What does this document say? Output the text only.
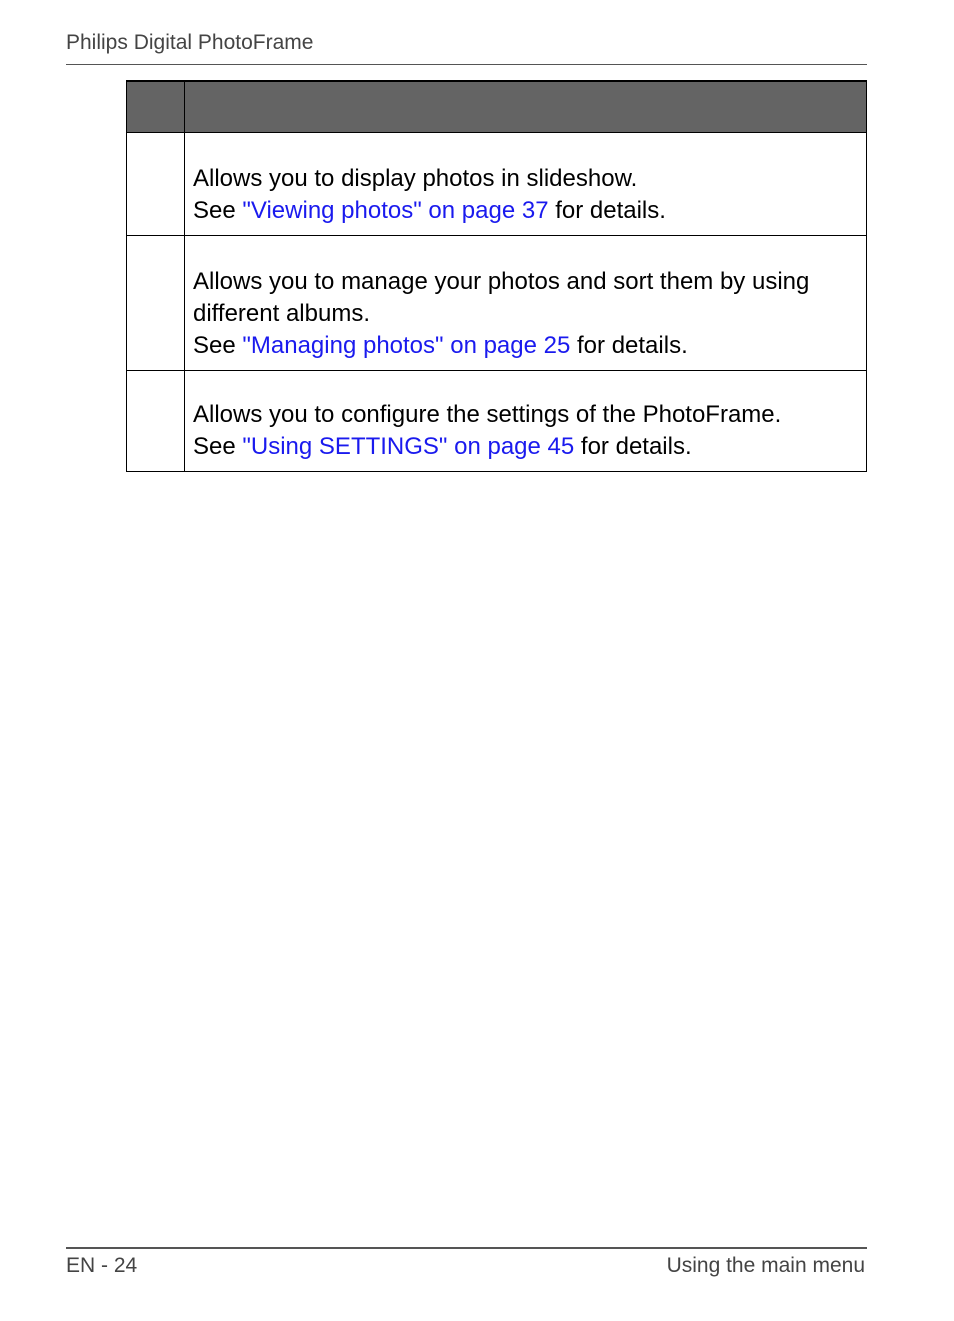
Philips Digital PhotoFrame

	Allows you to display photos in slideshow.
See "Viewing photos" on page 37 for details.

	Allows you to manage your photos and sort them by using different albums.
See "Managing photos" on page 25 for details.

	Allows you to configure the settings of the PhotoFrame.
See "Using SETTINGS" on page 45 for details.
EN - 24	Using the main menu
